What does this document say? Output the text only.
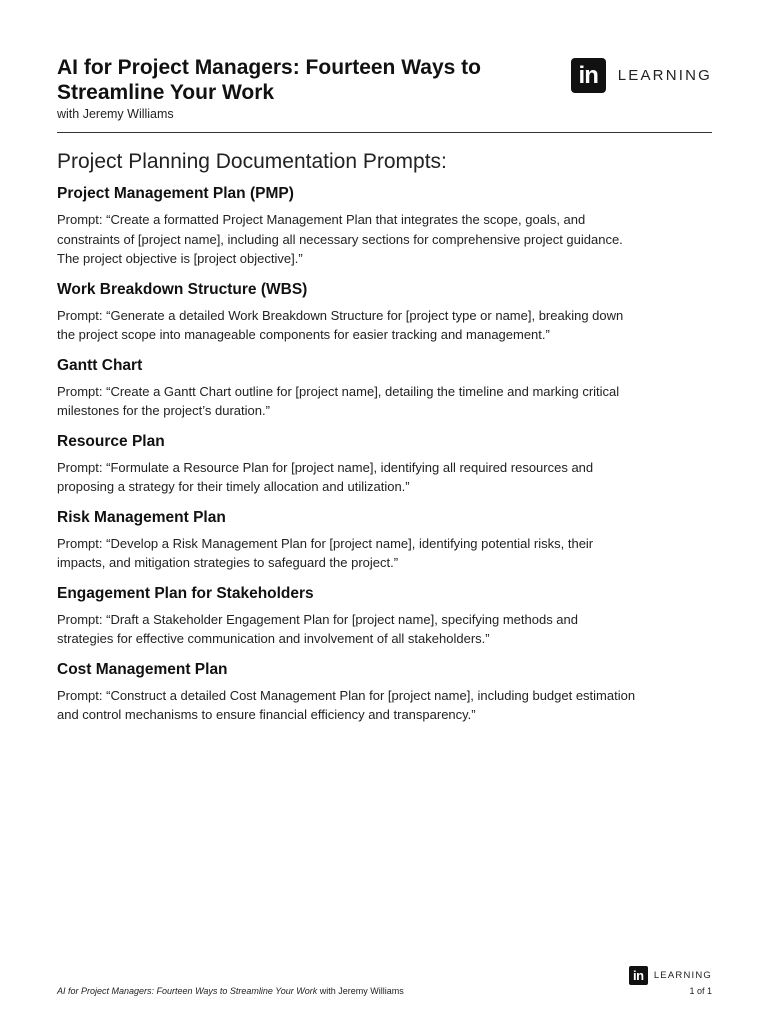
AI for Project Managers: Fourteen Ways to Streamline Your Work
with Jeremy Williams
in	LEARNING
Project Planning Documentation Prompts:
Project Management Plan (PMP)

Prompt: “Create a formatted Project Management Plan that integrates the scope, goals, and constraints of [project name], including all necessary sections for comprehensive project guidance. The project objective is [project objective].”

Work Breakdown Structure (WBS)

Prompt: “Generate a detailed Work Breakdown Structure for [project type or name], breaking down the project scope into manageable components for easier tracking and management.”

Gantt Chart

Prompt: “Create a Gantt Chart outline for [project name], detailing the timeline and marking critical milestones for the project’s duration.”

Resource Plan

Prompt: “Formulate a Resource Plan for [project name], identifying all required resources and proposing a strategy for their timely allocation and utilization.”

Risk Management Plan

Prompt: “Develop a Risk Management Plan for [project name], identifying potential risks, their impacts, and mitigation strategies to safeguard the project.”

Engagement Plan for Stakeholders

Prompt: “Draft a Stakeholder Engagement Plan for [project name], specifying methods and strategies for effective communication and involvement of all stakeholders.”

Cost Management Plan

Prompt: “Construct a detailed Cost Management Plan for [project name], including budget estimation and control mechanisms to ensure financial efficiency and transparency.”

AI for Project Managers: Fourteen Ways to Streamline Your Work with Jeremy Williams
in	LEARNING
1 of 1
